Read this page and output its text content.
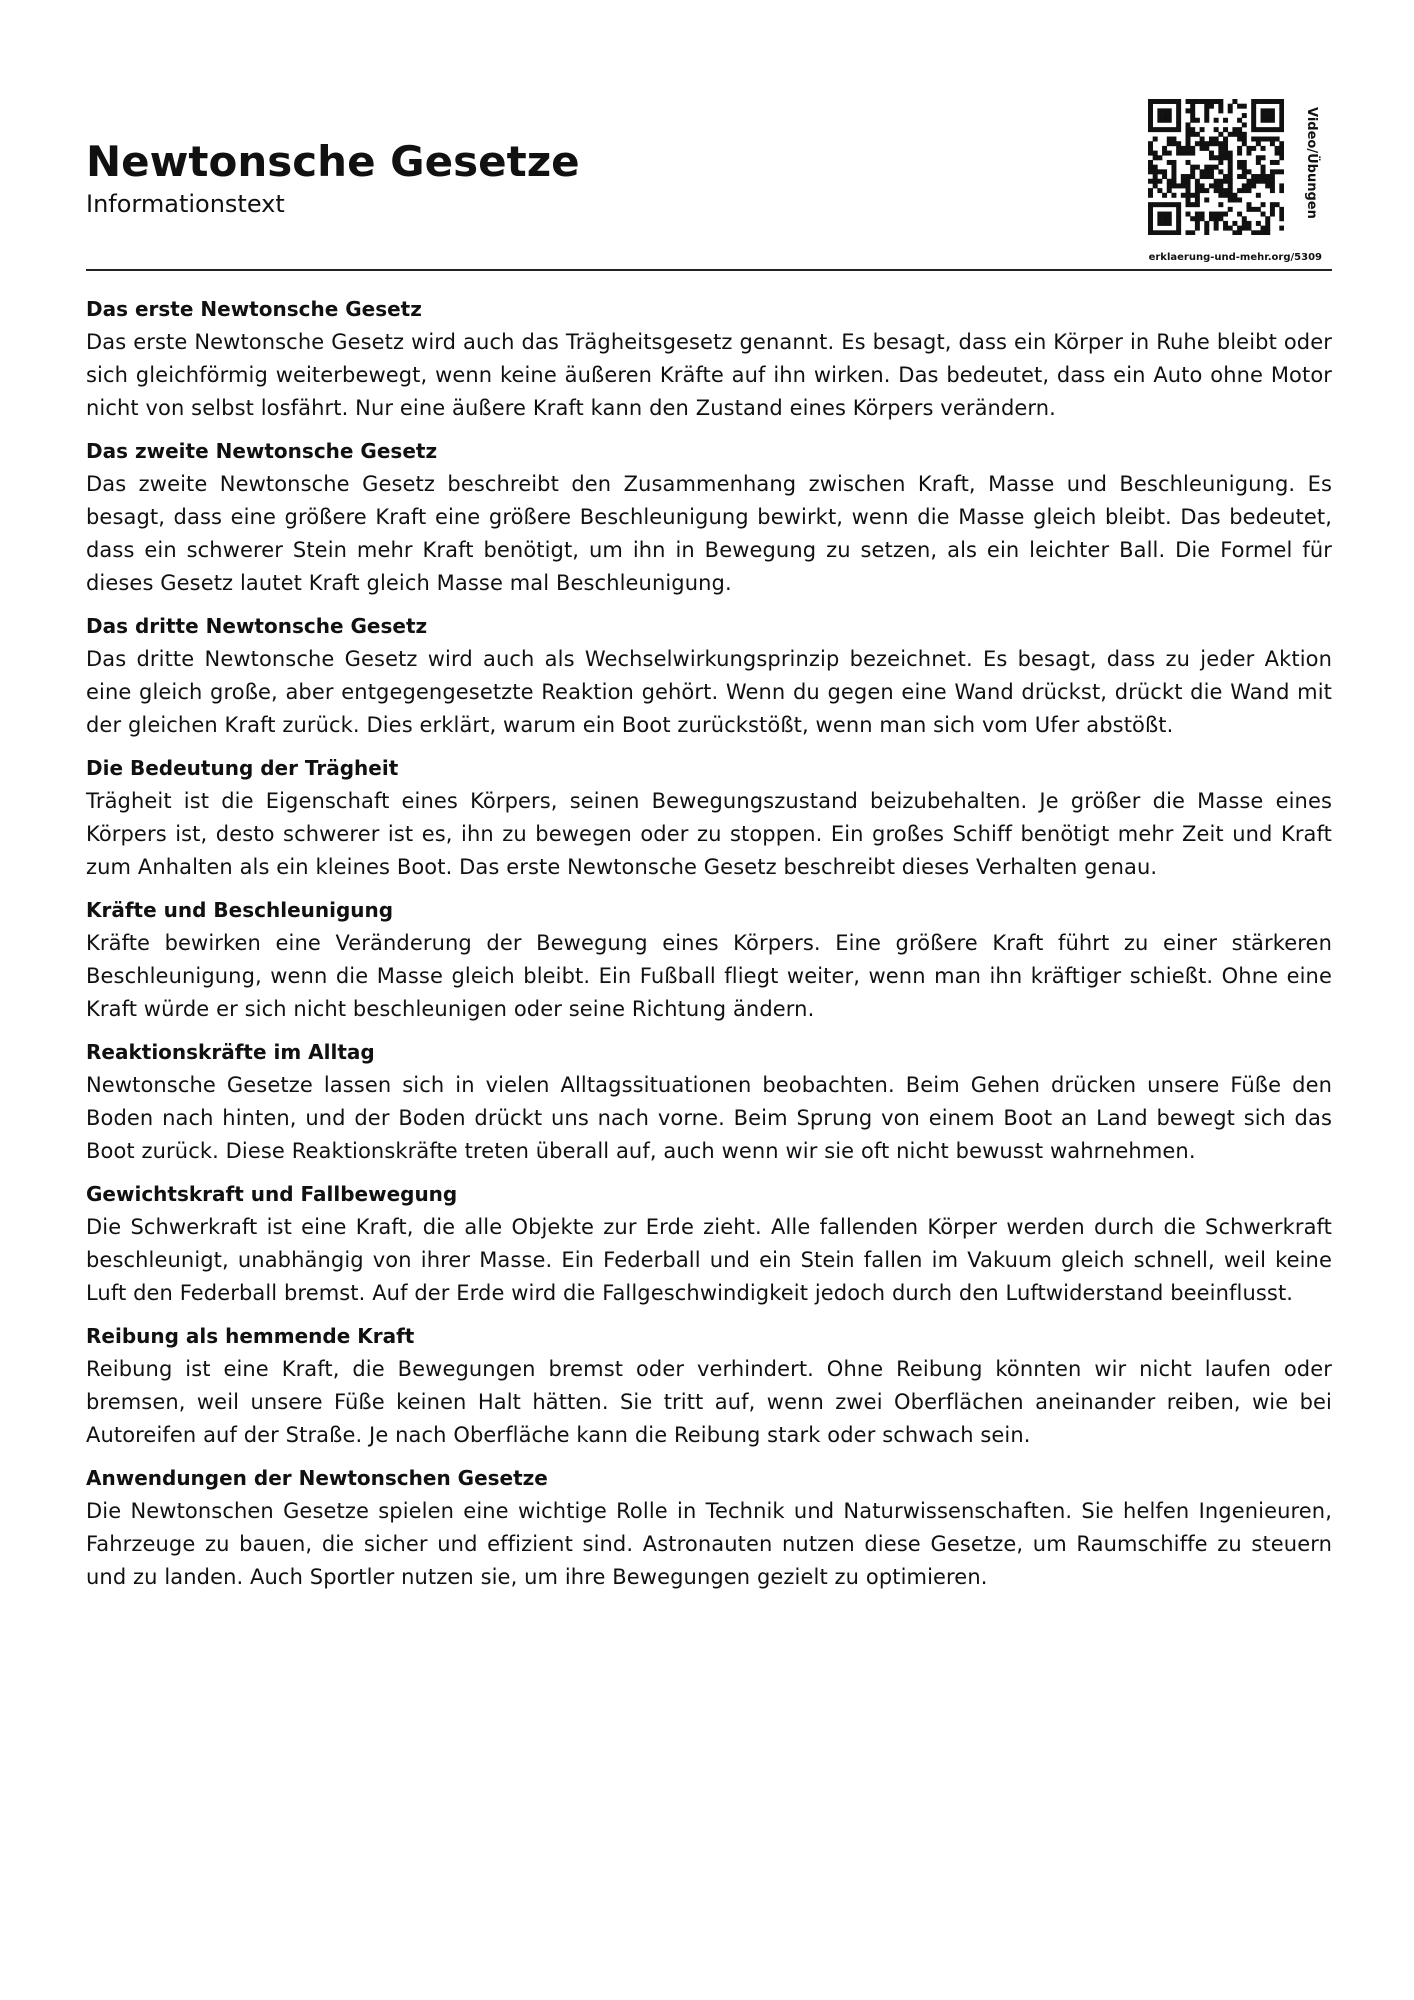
Newtonsche Gesetze
Informationstext	Video/Übungen
erklaerung-und-mehr.org/5309
Das erste Newtonsche Gesetz

Das erste Newtonsche Gesetz wird auch das Trägheitsgesetz genannt. Es besagt, dass ein Körper in Ruhe bleibt oder sich gleichförmig weiterbewegt, wenn keine äußeren Kräfte auf ihn wirken. Das bedeutet, dass ein Auto ohne Motor nicht von selbst losfährt. Nur eine äußere Kraft kann den Zustand eines Körpers verändern.

Das zweite Newtonsche Gesetz

Das zweite Newtonsche Gesetz beschreibt den Zusammenhang zwischen Kraft, Masse und Beschleunigung. Es besagt, dass eine größere Kraft eine größere Beschleunigung bewirkt, wenn die Masse gleich bleibt. Das bedeutet, dass ein schwerer Stein mehr Kraft benötigt, um ihn in Bewegung zu setzen, als ein leichter Ball. Die Formel für dieses Gesetz lautet Kraft gleich Masse mal Beschleunigung.

Das dritte Newtonsche Gesetz

Das dritte Newtonsche Gesetz wird auch als Wechselwirkungsprinzip bezeichnet. Es besagt, dass zu jeder Aktion eine gleich große, aber entgegengesetzte Reaktion gehört. Wenn du gegen eine Wand drückst, drückt die Wand mit der gleichen Kraft zurück. Dies erklärt, warum ein Boot zurückstößt, wenn man sich vom Ufer abstößt.

Die Bedeutung der Trägheit

Trägheit ist die Eigenschaft eines Körpers, seinen Bewegungszustand beizubehalten. Je größer die Masse eines Körpers ist, desto schwerer ist es, ihn zu bewegen oder zu stoppen. Ein großes Schiff benötigt mehr Zeit und Kraft zum Anhalten als ein kleines Boot. Das erste Newtonsche Gesetz beschreibt dieses Verhalten genau.

Kräfte und Beschleunigung

Kräfte bewirken eine Veränderung der Bewegung eines Körpers. Eine größere Kraft führt zu einer stärkeren Beschleunigung, wenn die Masse gleich bleibt. Ein Fußball fliegt weiter, wenn man ihn kräftiger schießt. Ohne eine Kraft würde er sich nicht beschleunigen oder seine Richtung ändern.

Reaktionskräfte im Alltag

Newtonsche Gesetze lassen sich in vielen Alltagssituationen beobachten. Beim Gehen drücken unsere Füße den Boden nach hinten, und der Boden drückt uns nach vorne. Beim Sprung von einem Boot an Land bewegt sich das Boot zurück. Diese Reaktionskräfte treten überall auf, auch wenn wir sie oft nicht bewusst wahrnehmen.

Gewichtskraft und Fallbewegung

Die Schwerkraft ist eine Kraft, die alle Objekte zur Erde zieht. Alle fallenden Körper werden durch die Schwerkraft beschleunigt, unabhängig von ihrer Masse. Ein Federball und ein Stein fallen im Vakuum gleich schnell, weil keine Luft den Federball bremst. Auf der Erde wird die Fallgeschwindigkeit jedoch durch den Luftwiderstand beeinflusst.

Reibung als hemmende Kraft

Reibung ist eine Kraft, die Bewegungen bremst oder verhindert. Ohne Reibung könnten wir nicht laufen oder bremsen, weil unsere Füße keinen Halt hätten. Sie tritt auf, wenn zwei Oberflächen aneinander reiben, wie bei Autoreifen auf der Straße. Je nach Oberfläche kann die Reibung stark oder schwach sein.

Anwendungen der Newtonschen Gesetze

Die Newtonschen Gesetze spielen eine wichtige Rolle in Technik und Naturwissenschaften. Sie helfen Ingenieuren, Fahrzeuge zu bauen, die sicher und effizient sind. Astronauten nutzen diese Gesetze, um Raumschiffe zu steuern und zu landen. Auch Sportler nutzen sie, um ihre Bewegungen gezielt zu optimieren.
